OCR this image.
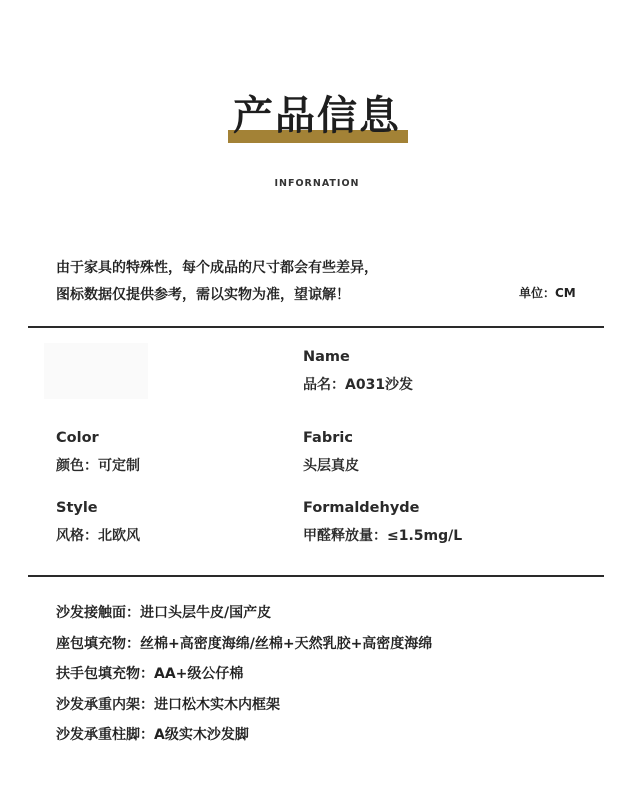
产品信息
INFORNATION
由于家具的特殊性，每个成品的尺寸都会有些差异，
图标数据仅提供参考，需以实物为准，望谅解！	单位：CM
Name
品名：A031沙发
Color
颜色：可定制
Fabric
头层真皮
Style
风格：北欧风
Formaldehyde
甲醛释放量：≤1.5mg/L
沙发接触面：进口头层牛皮/国产皮
座包填充物：丝棉+高密度海绵/丝棉+天然乳胶+高密度海绵
扶手包填充物：AA+级公仔棉
沙发承重内架：进口松木实木内框架
沙发承重柱脚：A级实木沙发脚
